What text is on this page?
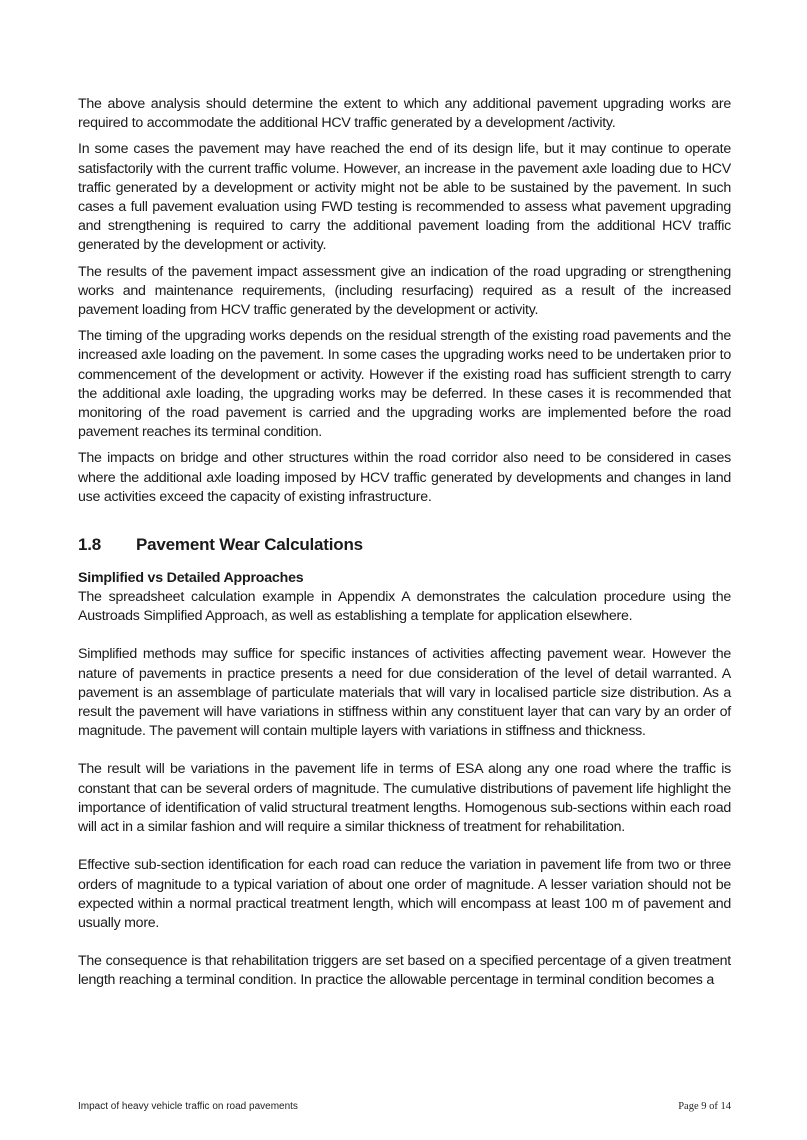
The above analysis should determine the extent to which any additional pavement upgrading works are required to accommodate the additional HCV traffic generated by a development /activity.

In some cases the pavement may have reached the end of its design life, but it may continue to operate satisfactorily with the current traffic volume. However, an increase in the pavement axle loading due to HCV traffic generated by a development or activity might not be able to be sustained by the pavement. In such cases a full pavement evaluation using FWD testing is recommended to assess what pavement upgrading and strengthening is required to carry the additional pavement loading from the additional HCV traffic generated by the development or activity.

The results of the pavement impact assessment give an indication of the road upgrading or strengthening works and maintenance requirements, (including resurfacing) required as a result of the increased pavement loading from HCV traffic generated by the development or activity.

The timing of the upgrading works depends on the residual strength of the existing road pavements and the increased axle loading on the pavement. In some cases the upgrading works need to be undertaken prior to commencement of the development or activity. However if the existing road has sufficient strength to carry the additional axle loading, the upgrading works may be deferred. In these cases it is recommended that monitoring of the road pavement is carried and the upgrading works are implemented before the road pavement reaches its terminal condition.

The impacts on bridge and other structures within the road corridor also need to be considered in cases where the additional axle loading imposed by HCV traffic generated by developments and changes in land use activities exceed the capacity of existing infrastructure.

1.8	Pavement Wear Calculations
Simplified vs Detailed Approaches

The spreadsheet calculation example in Appendix A demonstrates the calculation procedure using the Austroads Simplified Approach, as well as establishing a template for application elsewhere.

Simplified methods may suffice for specific instances of activities affecting pavement wear. However the nature of pavements in practice presents a need for due consideration of the level of detail warranted. A pavement is an assemblage of particulate materials that will vary in localised particle size distribution. As a result the pavement will have variations in stiffness within any constituent layer that can vary by an order of magnitude. The pavement will contain multiple layers with variations in stiffness and thickness.

The result will be variations in the pavement life in terms of ESA along any one road where the traffic is constant that can be several orders of magnitude. The cumulative distributions of pavement life highlight the importance of identification of valid structural treatment lengths. Homogenous sub-sections within each road will act in a similar fashion and will require a similar thickness of treatment for rehabilitation.

Effective sub-section identification for each road can reduce the variation in pavement life from two or three orders of magnitude to a typical variation of about one order of magnitude. A lesser variation should not be expected within a normal practical treatment length, which will encompass at least 100 m of pavement and usually more.

The consequence is that rehabilitation triggers are set based on a specified percentage of a given treatment length reaching a terminal condition. In practice the allowable percentage in terminal condition becomes a

Impact of heavy vehicle traffic on road pavements	Page 9 of 14
